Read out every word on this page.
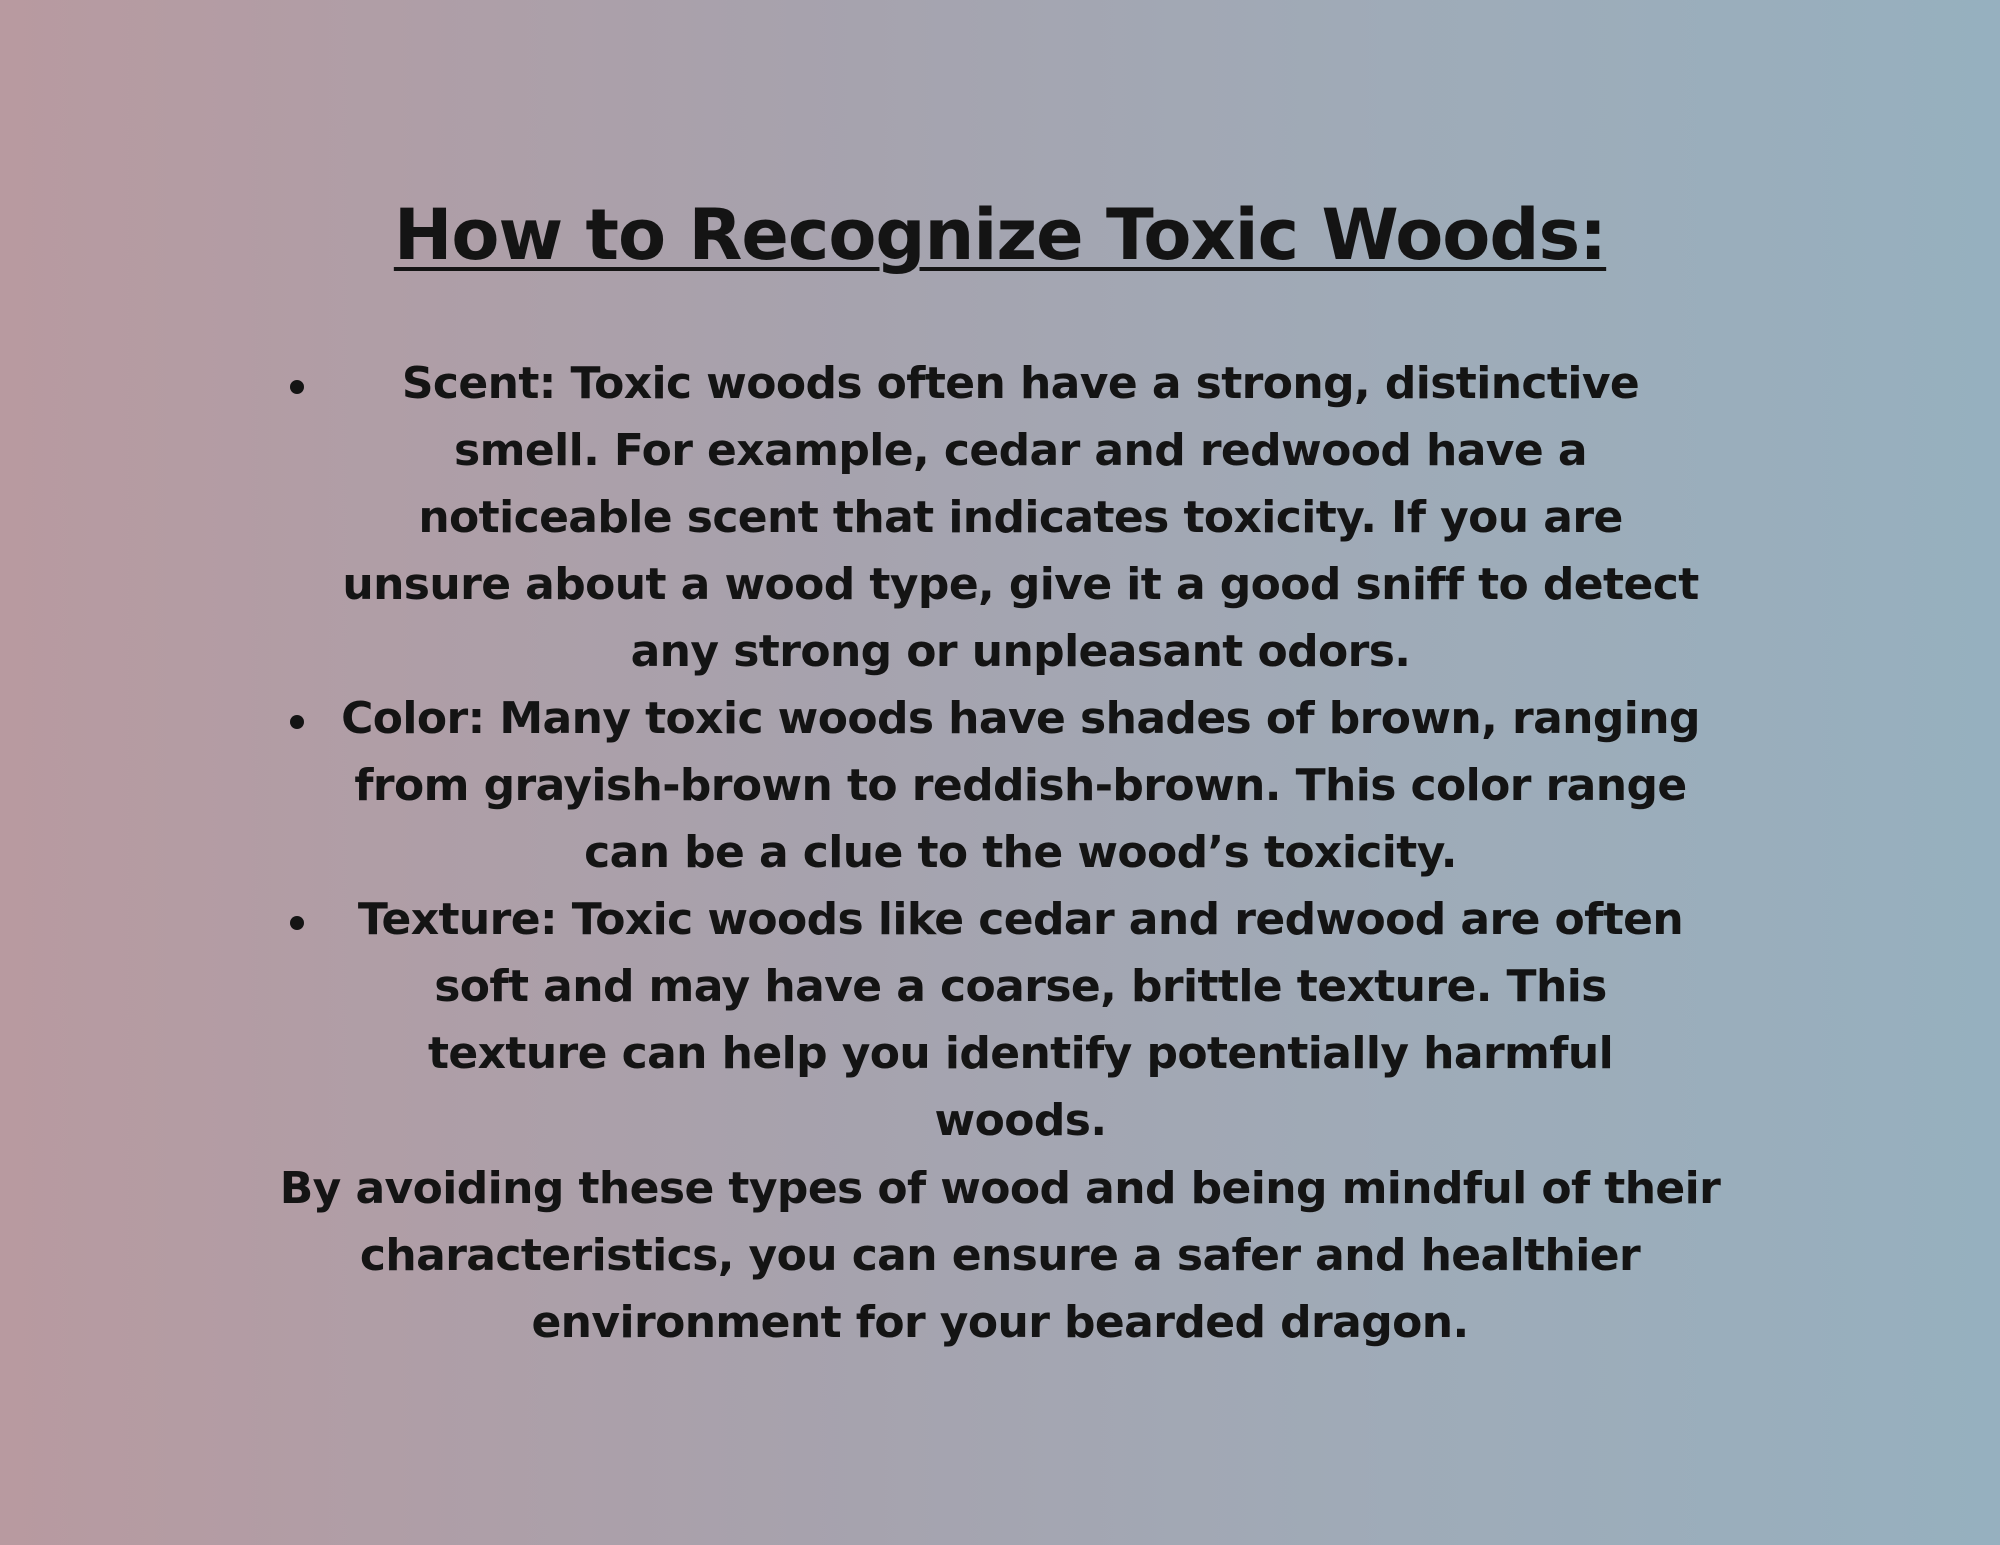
How to Recognize Toxic Woods:
Scent: Toxic woods often have a strong, distinctive smell. For example, cedar and redwood have a noticeable scent that indicates toxicity. If you are unsure about a wood type, give it a good sniff to detect any strong or unpleasant odors.
Color: Many toxic woods have shades of brown, ranging from grayish-brown to reddish-brown. This color range can be a clue to the wood’s toxicity.
Texture: Toxic woods like cedar and redwood are often soft and may have a coarse, brittle texture. This texture can help you identify potentially harmful woods.

By avoiding these types of wood and being mindful of their characteristics, you can ensure a safer and healthier environment for your bearded dragon.
